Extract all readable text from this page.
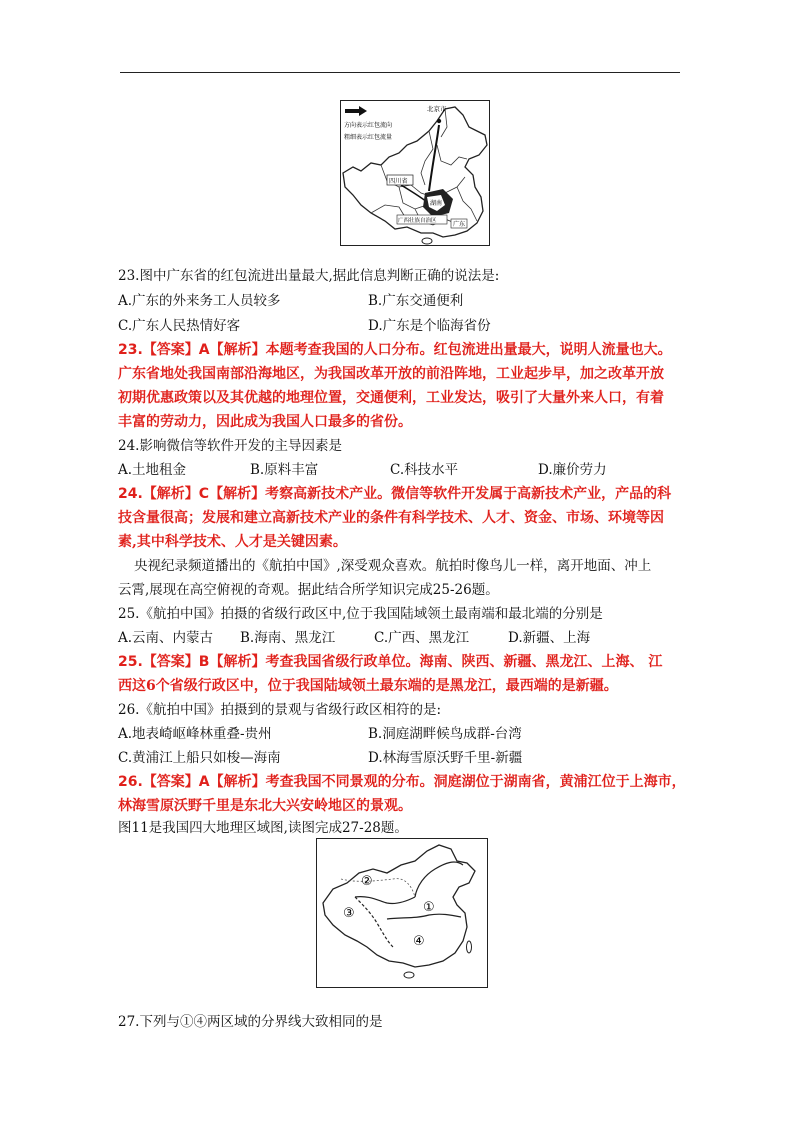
方向表示红包流向
粗细表示红包流量
北京市
四川省
湖南
广西壮族自治区	广东
23.图中广东省的红包流进出量最大,据此信息判断正确的说法是:
A.广东的外来务工人员较多	B.广东交通便利
C.广东人民热情好客	D.广东是个临海省份
23.【答案】A【解析】本题考查我国的人口分布。红包流进出量最大，说明人流量也大。
广东省地处我国南部沿海地区，为我国改革开放的前沿阵地，工业起步早，加之改革开放
初期优惠政策以及其优越的地理位置，交通便利，工业发达，吸引了大量外来人口，有着
丰富的劳动力，因此成为我国人口最多的省份。
24.影响微信等软件开发的主导因素是
A.土地租金	B.原料丰富	C.科技水平	D.廉价劳力
24.【解析】C【解析】考察高新技术产业。微信等软件开发属于高新技术产业，产品的科
技含量很高；发展和建立高新技术产业的条件有科学技术、人才、资金、市场、环境等因
素,其中科学技术、人才是关键因素。
央视纪录频道播出的《航拍中国》,深受观众喜欢。航拍时像鸟儿一样，离开地面、冲上
云霄,展现在高空俯视的奇观。据此结合所学知识完成25-26题。
25.《航拍中国》拍摄的省级行政区中,位于我国陆域领土最南端和最北端的分别是
A.云南、内蒙古 B.海南、黑龙江	C.广西、黑龙江	D.新疆、上海
25.【答案】B【解析】考查我国省级行政单位。海南、陕西、新疆、黑龙江、上海、 江
西这6个省级行政区中，位于我国陆域领土最东端的是黑龙江，最西端的是新疆。
26.《航拍中国》拍摄到的景观与省级行政区相符的是:
A.地表崎岖峰林重叠-贵州	B.洞庭湖畔候鸟成群-台湾
C.黄浦江上船只如梭—海南	D.林海雪原沃野千里-新疆
26.【答案】A【解析】考查我国不同景观的分布。洞庭湖位于湖南省，黄浦江位于上海市，
林海雪原沃野千里是东北大兴安岭地区的景观。
图11是我国四大地理区域图,读图完成27-28题。
②
③	①
④
27.下列与①④两区域的分界线大致相同的是
